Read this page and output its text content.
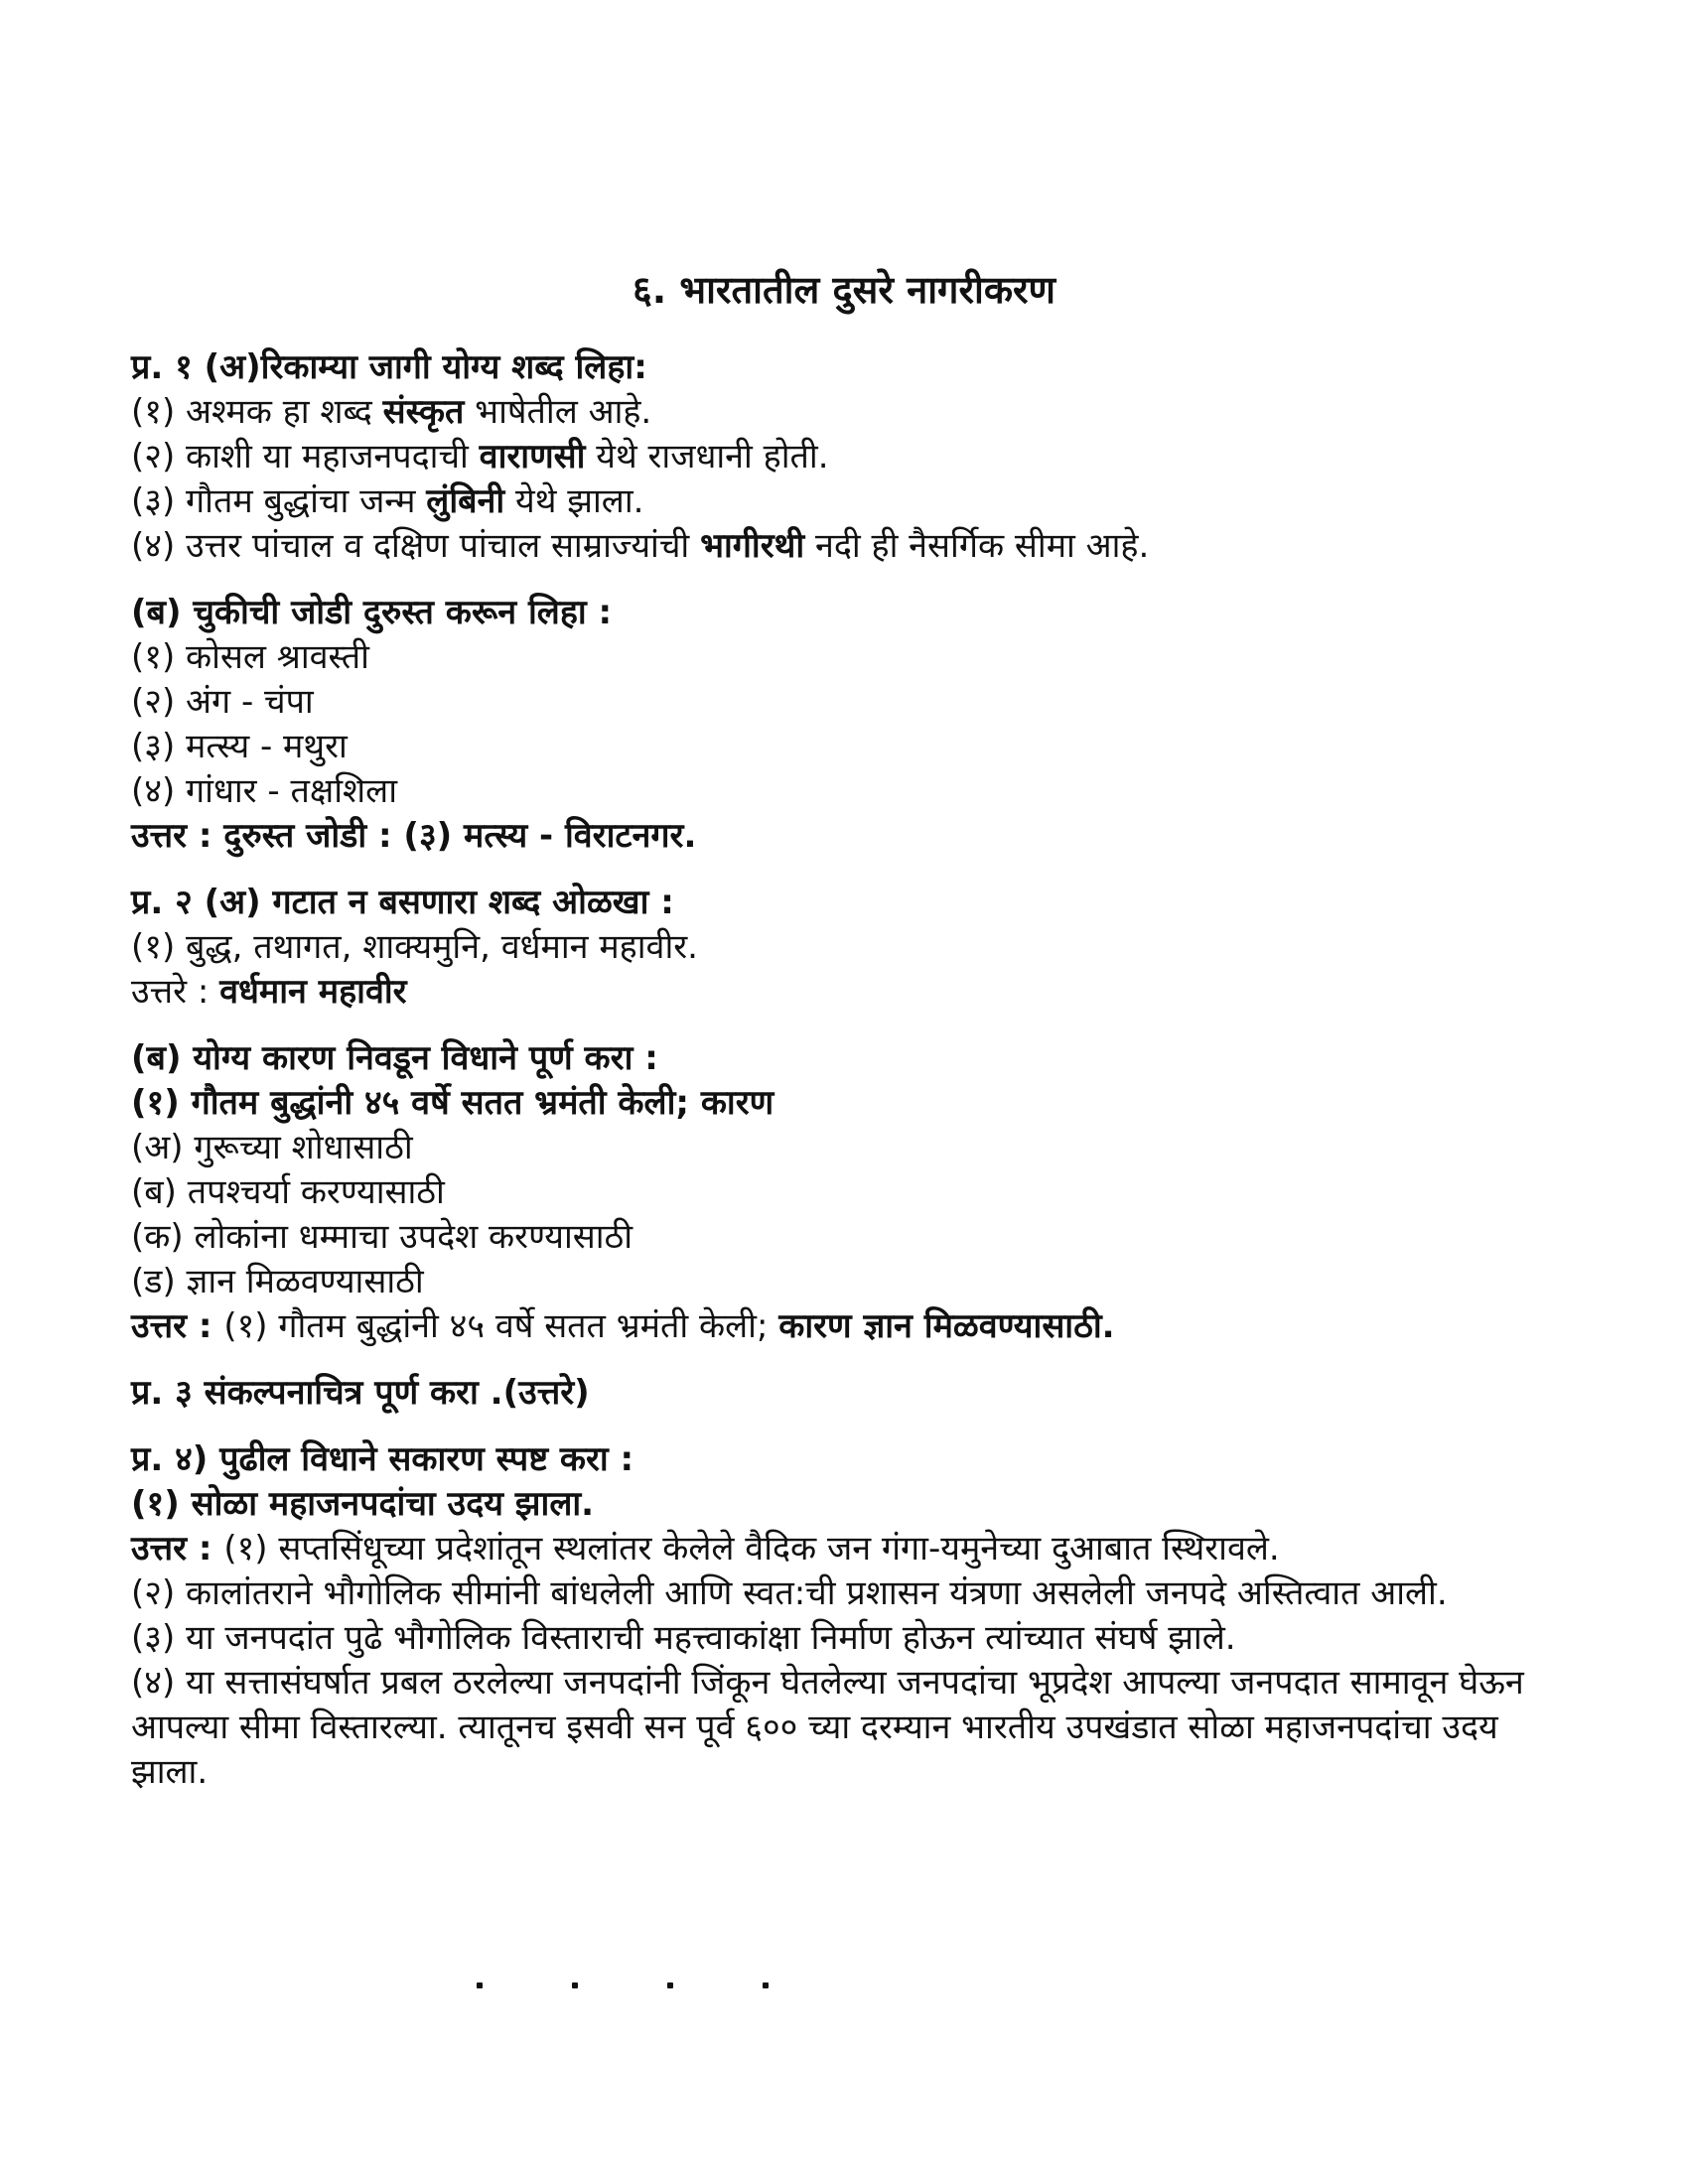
६. भारतातील दुसरे नागरीकरण
प्र. १ (अ)रिकाम्या जागी योग्य शब्द लिहा:
(१) अश्मक हा शब्द संस्कृत भाषेतील आहे.
(२) काशी या महाजनपदाची वाराणसी येथे राजधानी होती.
(३) गौतम बुद्धांचा जन्म लुंबिनी येथे झाला.
(४) उत्तर पांचाल व दक्षिण पांचाल साम्राज्यांची भागीरथी नदी ही नैसर्गिक सीमा आहे.
(ब) चुकीची जोडी दुरुस्त करून लिहा :
(१) कोसल श्रावस्ती
(२) अंग - चंपा
(३) मत्स्य - मथुरा
(४) गांधार - तक्षशिला
उत्तर : दुरुस्त जोडी : (३) मत्स्य - विराटनगर.
प्र. २ (अ) गटात न बसणारा शब्द ओळखा :
(१) बुद्ध, तथागत, शाक्यमुनि, वर्धमान महावीर.
उत्तरे : वर्धमान महावीर
(ब) योग्य कारण निवडून विधाने पूर्ण करा :
(१) गौतम बुद्धांनी ४५ वर्षे सतत भ्रमंती केली; कारण
(अ) गुरूच्या शोधासाठी
(ब) तपश्चर्या करण्यासाठी
(क) लोकांना धम्माचा उपदेश करण्यासाठी
(ड) ज्ञान मिळवण्यासाठी
उत्तर : (१) गौतम बुद्धांनी ४५ वर्षे सतत भ्रमंती केली; कारण ज्ञान मिळवण्यासाठी.
प्र. ३ संकल्पनाचित्र पूर्ण करा .(उत्तरे)
प्र. ४) पुढील विधाने सकारण स्पष्ट करा :
(१) सोळा महाजनपदांचा उदय झाला.
उत्तर : (१) सप्तसिंधूच्या प्रदेशांतून स्थलांतर केलेले वैदिक जन गंगा-यमुनेच्या दुआबात स्थिरावले.
(२) कालांतराने भौगोलिक सीमांनी बांधलेली आणि स्वत:ची प्रशासन यंत्रणा असलेली जनपदे अस्तित्वात आली.
(३) या जनपदांत पुढे भौगोलिक विस्ताराची महत्त्वाकांक्षा निर्माण होऊन त्यांच्यात संघर्ष झाले.
(४) या सत्तासंघर्षात प्रबल ठरलेल्या जनपदांनी जिंकून घेतलेल्या जनपदांचा भूप्रदेश आपल्या जनपदात सामावून घेऊन आपल्या सीमा विस्तारल्या. त्यातूनच इसवी सन पूर्व ६०० च्या दरम्यान भारतीय उपखंडात सोळा महाजनपदांचा उदय झाला.
